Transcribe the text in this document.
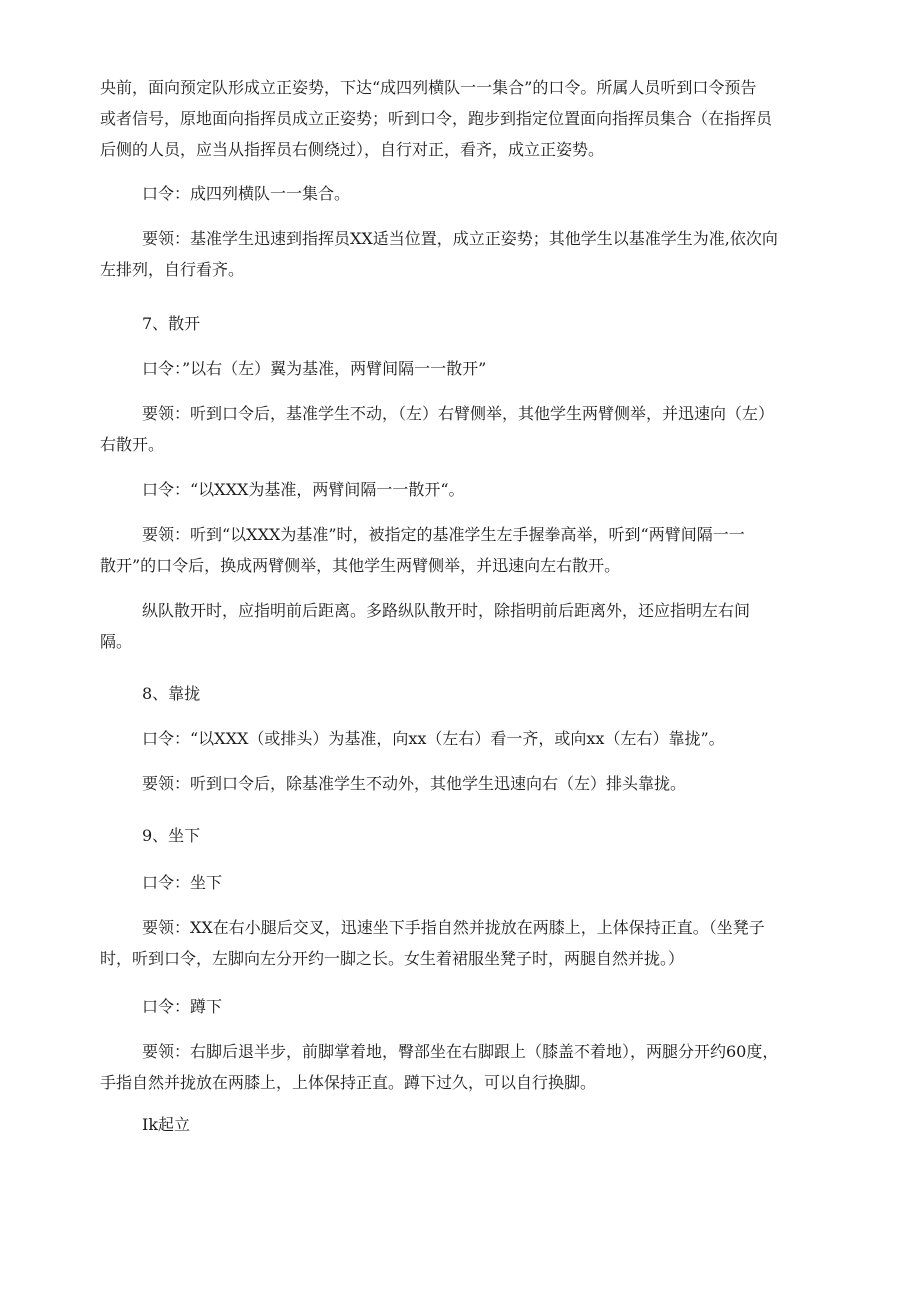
央前，面向预定队形成立正姿势，下达“成四列横队一一集合”的口令。所属人员听到口令预告
或者信号，原地面向指挥员成立正姿势；听到口令，跑步到指定位置面向指挥员集合（在指挥员
后侧的人员，应当从指挥员右侧绕过），自行对正，看齐，成立正姿势。
口令：成四列横队一一集合。
要领：基准学生迅速到指挥员XX适当位置，成立正姿势；其他学生以基准学生为准,依次向
左排列，自行看齐。
7、散开
口令：”以右（左）翼为基准，两臂间隔一一散开”
要领：听到口令后，基准学生不动，（左）右臂侧举，其他学生两臂侧举，并迅速向（左）
右散开。
口令：“以XXX为基准，两臂间隔一一散开“。
要领：听到“以XXX为基准”时，被指定的基准学生左手握拳高举，听到“两臂间隔一一
散开”的口令后，换成两臂侧举，其他学生两臂侧举，并迅速向左右散开。
纵队散开时，应指明前后距离。多路纵队散开时，除指明前后距离外，还应指明左右间
隔。
8、靠拢
口令：“以XXX（或排头）为基准，向xx（左右）看一齐，或向xx（左右）靠拢”。
要领：听到口令后，除基准学生不动外，其他学生迅速向右（左）排头靠拢。
9、坐下
口令：坐下
要领：XX在右小腿后交叉，迅速坐下手指自然并拢放在两膝上，上体保持正直。（坐凳子
时，听到口令，左脚向左分开约一脚之长。女生着裙服坐凳子时，两腿自然并拢。）
口令：蹲下
要领：右脚后退半步，前脚掌着地，臀部坐在右脚跟上（膝盖不着地），两腿分开约60度，
手指自然并拢放在两膝上，上体保持正直。蹲下过久，可以自行换脚。
Ik起立
